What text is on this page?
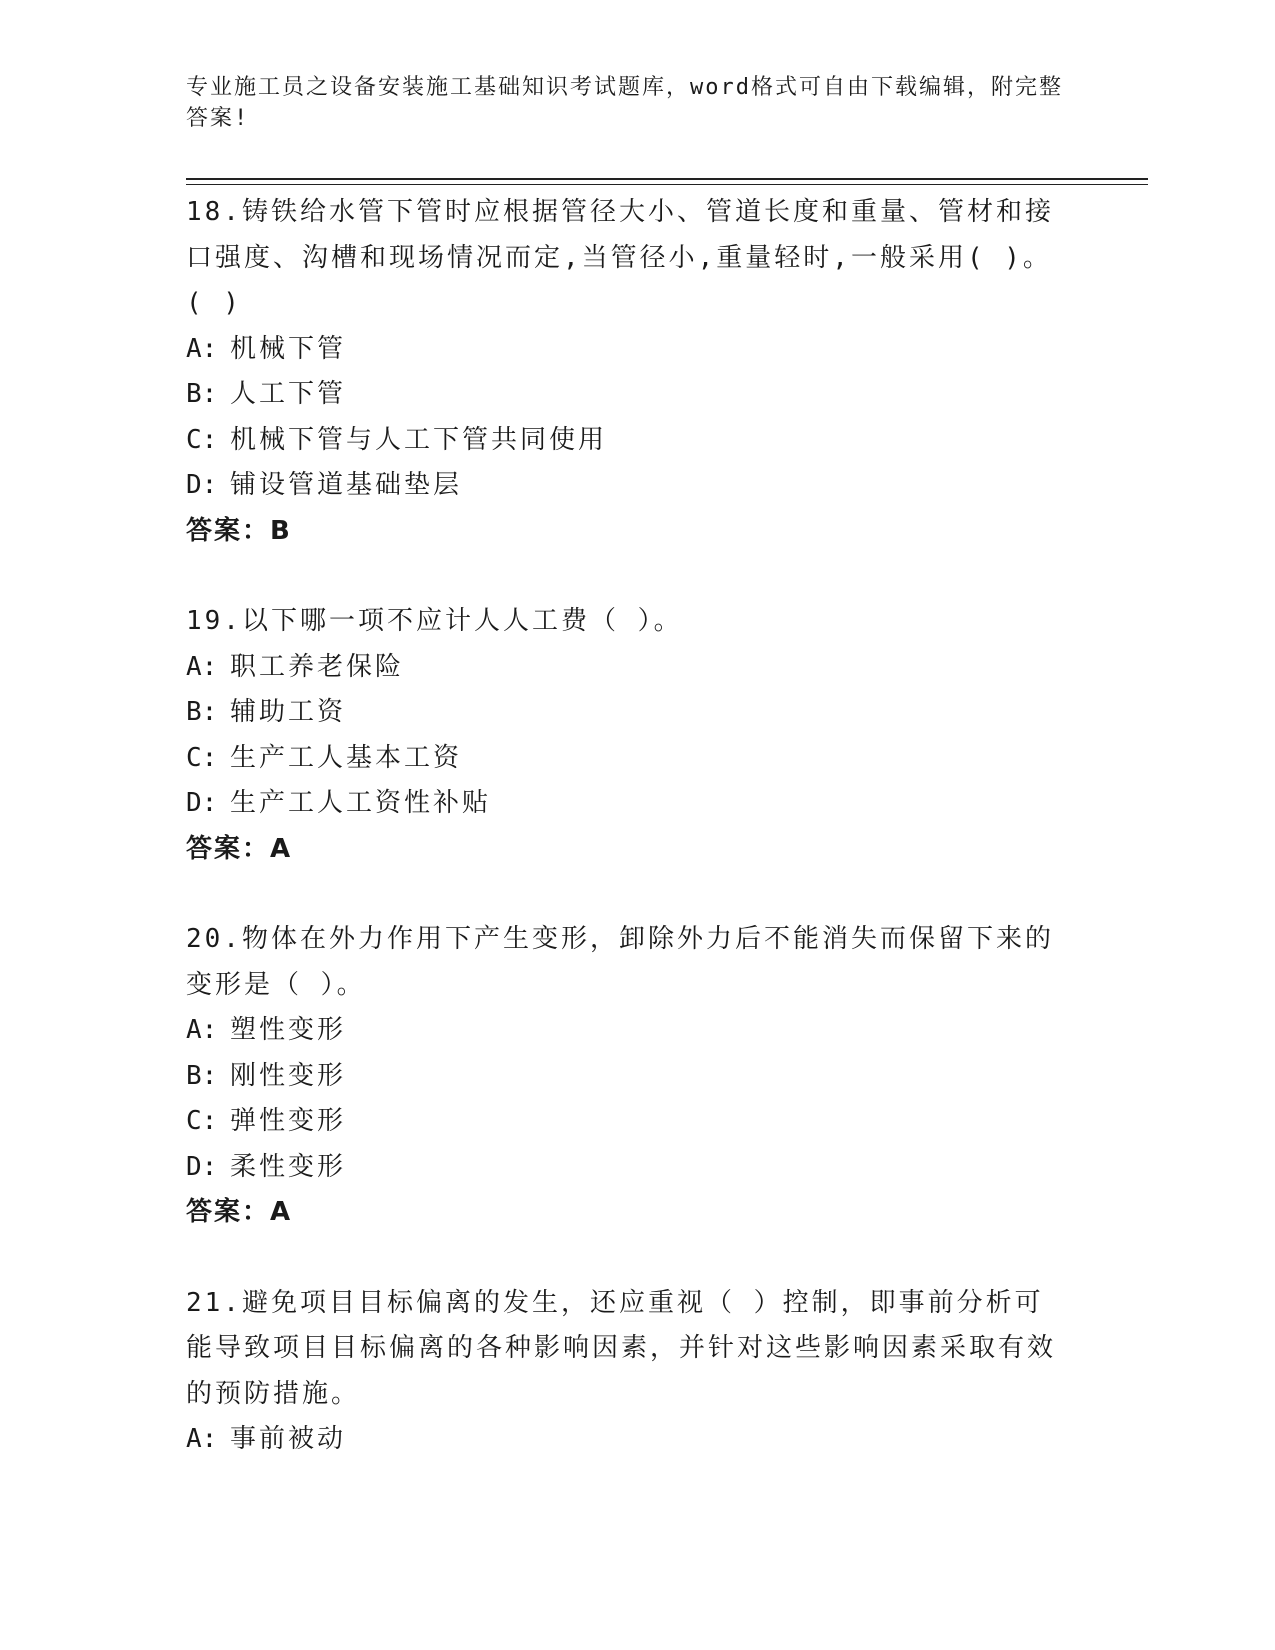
专业施工员之设备安装施工基础知识考试题库，word格式可自由下载编辑，附完整答案!

18.铸铁给水管下管时应根据管径大小、管道长度和重量、管材和接口强度、沟槽和现场情况而定,当管径小,重量轻时,一般采用( )。( )

A: 机械下管

B: 人工下管

C: 机械下管与人工下管共同使用

D: 铺设管道基础垫层

答案：B

19.以下哪一项不应计人人工费（ ）。

A: 职工养老保险

B: 辅助工资

C: 生产工人基本工资

D: 生产工人工资性补贴

答案：A

20.物体在外力作用下产生变形，卸除外力后不能消失而保留下来的变形是（ ）。

A: 塑性变形

B: 刚性变形

C: 弹性变形

D: 柔性变形

答案：A

21.避免项目目标偏离的发生，还应重视（ ）控制，即事前分析可能导致项目目标偏离的各种影响因素，并针对这些影响因素采取有效的预防措施。

A: 事前被动
